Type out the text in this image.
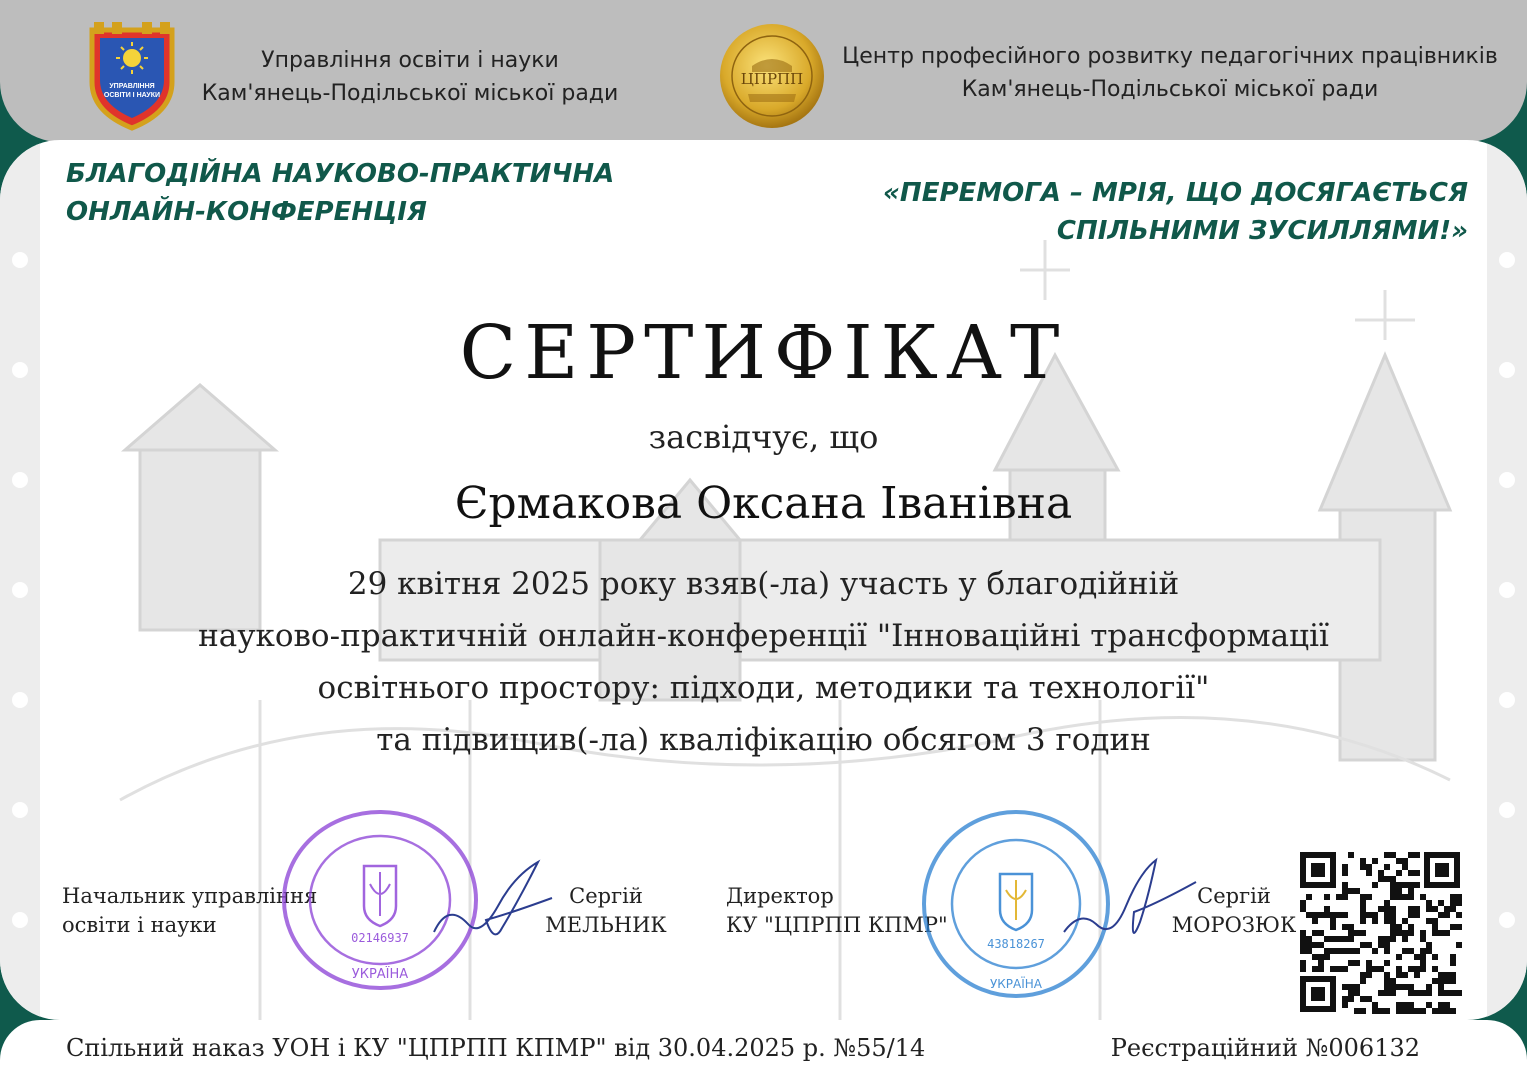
УПРАВЛІННЯ
ОСВІТИ І НАУКИ
Управління освіти і науки
Кам'янець-Подільської міської ради
ЦПРПП
Центр професійного розвитку педагогічних працівників
Кам'янець-Подільської міської ради
БЛАГОДІЙНА НАУКОВО-ПРАКТИЧНА
ОНЛАЙН-КОНФЕРЕНЦІЯ
«ПЕРЕМОГА – МРІЯ, ЩО ДОСЯГАЄТЬСЯ
СПІЛЬНИМИ ЗУСИЛЛЯМИ!»
СЕРТИФІКАТ
засвідчує, що
Єрмакова Оксана Іванівна
29 квітня 2025 року взяв(-ла) участь у благодійній
науково-практичній онлайн-конференції "Інноваційні трансформації
освітнього простору: підходи, методики та технології"
та підвищив(-ла) кваліфікацію обсягом 3 годин
Начальник управління
освіти і науки
02146937
УКРАЇНА
Сергій
МЕЛЬНИК
Директор
КУ "ЦПРПП КПМР"
43818267
УКРАЇНА
Сергій
МОРОЗЮК
Спільний наказ УОН і КУ "ЦПРПП КПМР" від 30.04.2025 р. №55/14	Реєстраційний №006132
